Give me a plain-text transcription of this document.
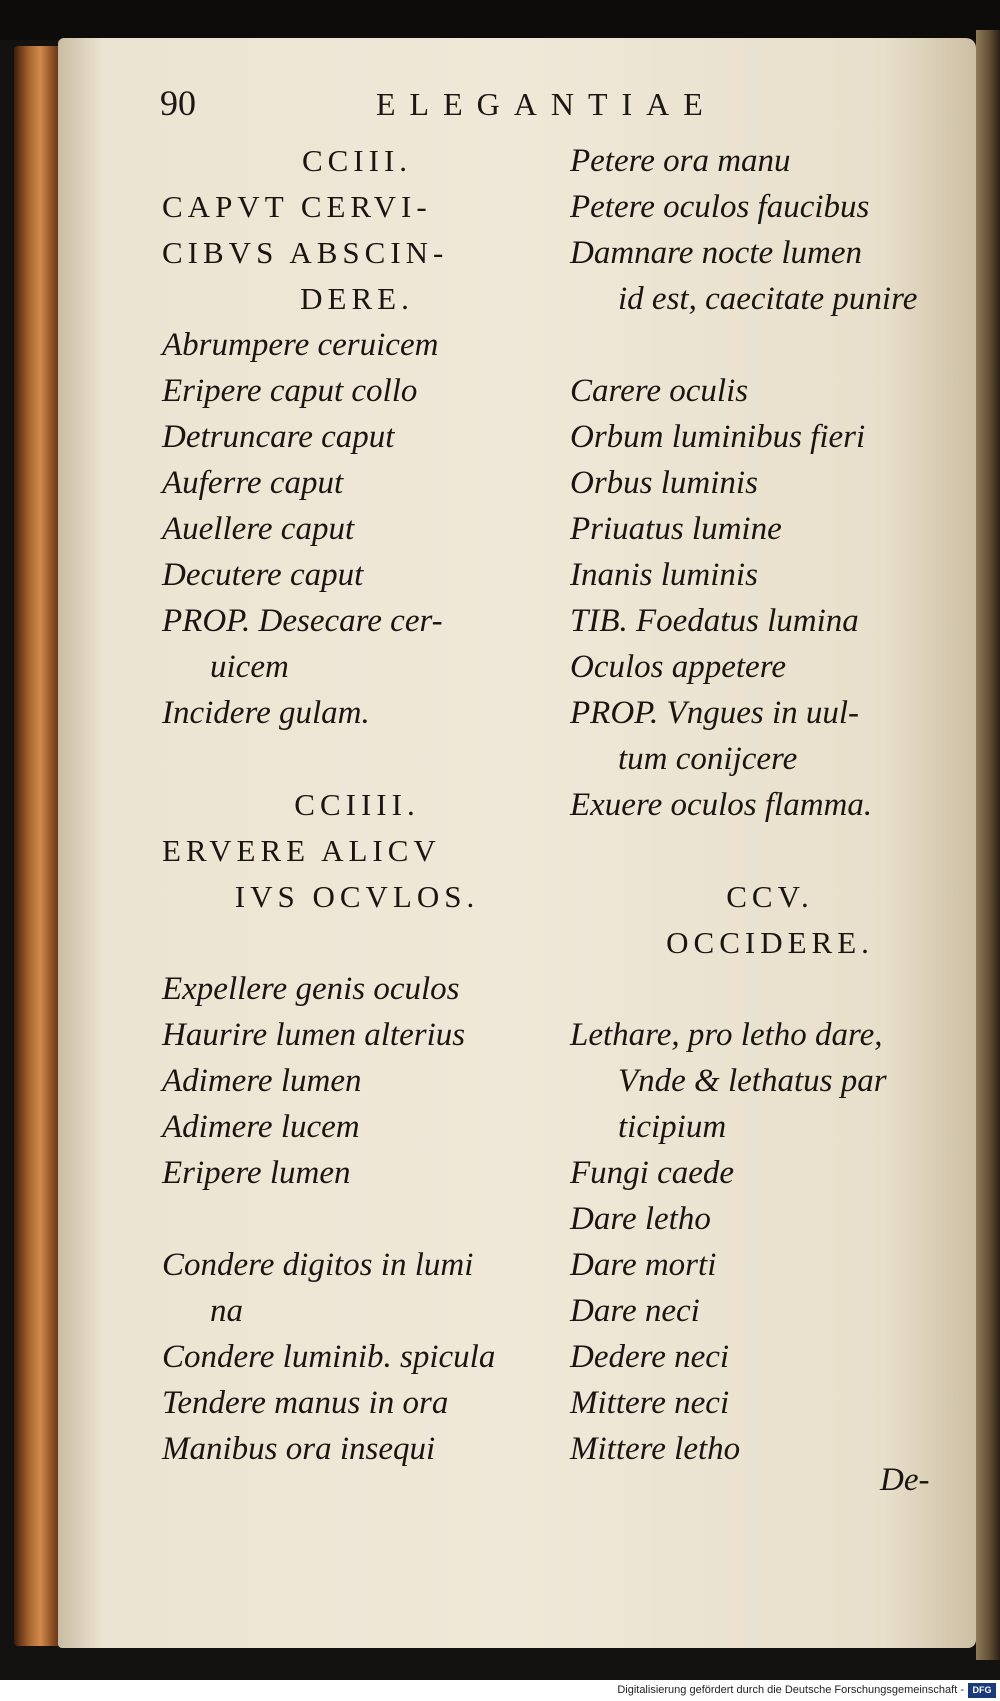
90	ELEGANTIAE
CCIII.
CAPVT CERVI-
CIBVS ABSCIN-
DERE.
Abrumpere ceruicem
Eripere caput collo
Detruncare caput
Auferre caput
Auellere caput
Decutere caput
PROP. Desecare cer-
uicem
Incidere gulam.
CCIIII.
ERVERE ALICV
IVS OCVLOS.
Expellere genis oculos
Haurire lumen alterius
Adimere lumen
Adimere lucem
Eripere lumen
Condere digitos in lumi
na
Condere luminib. spicula
Tendere manus in ora
Manibus ora insequi
Petere ora manu
Petere oculos faucibus
Damnare nocte lumen
id est, caecitate punire
Carere oculis
Orbum luminibus fieri
Orbus luminis
Priuatus lumine
Inanis luminis
TIB. Foedatus lumina
Oculos appetere
PROP. Vngues in uul-
tum conijcere
Exuere oculos flamma.
CCV.
OCCIDERE.
Lethare, pro letho dare,
Vnde & lethatus par
ticipium
Fungi caede
Dare letho
Dare morti
Dare neci
Dedere neci
Mittere neci
Mittere letho
De-
Digitalisierung gefördert durch die Deutsche Forschungsgemeinschaft - DFG
